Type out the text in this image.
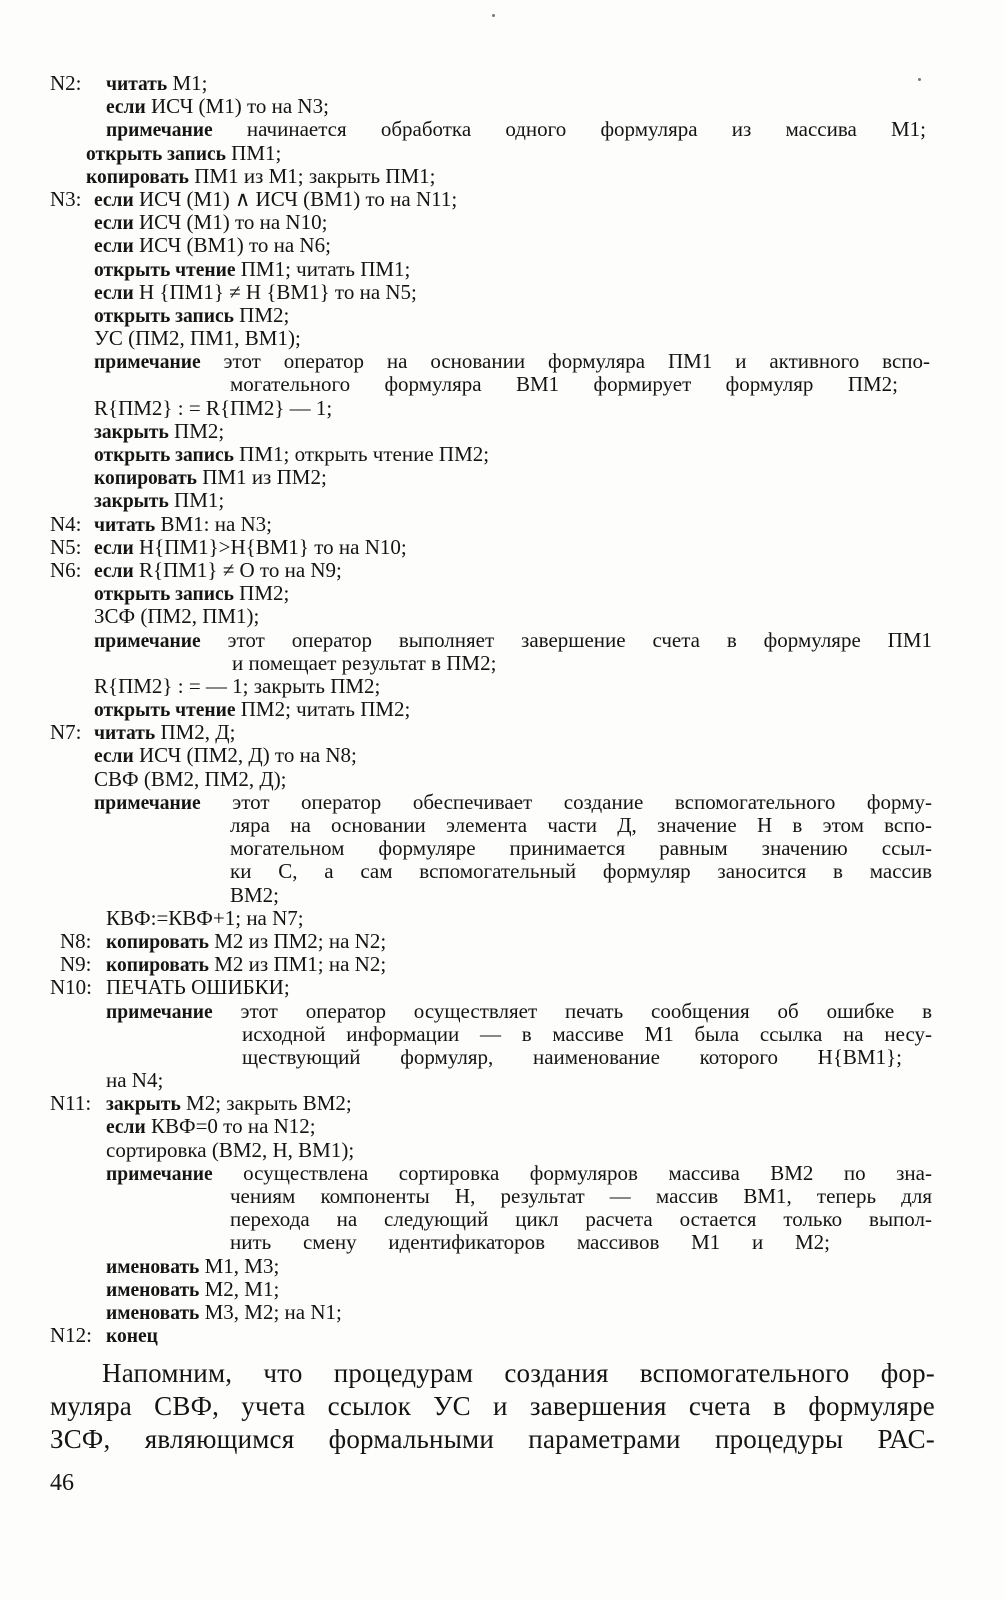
N2: читать M1;
если ИСЧ (M1) то на N3;
примечание начинается обработка одного формуляра из массива M1;
открыть запись ПМ1;
копировать ПМ1 из M1; закрыть ПМ1;
N3: если ИСЧ (M1) ∧ ИСЧ (BM1) то на N11;
если ИСЧ (M1) то на N10;
если ИСЧ (BM1) то на N6;
открыть чтение ПМ1; читать ПМ1;
если H {ПМ1} ≠ H {BM1} то на N5;
открыть запись ПМ2;
УС (ПМ2, ПМ1, BM1);
примечание этот оператор на основании формуляра ПМ1 и активного вспо-
могательного формуляра BM1 формирует формуляр ПМ2;
R{ПМ2} : = R{ПМ2} — 1;
закрыть ПМ2;
открыть запись ПМ1; открыть чтение ПМ2;
копировать ПМ1 из ПМ2;
закрыть ПМ1;
N4: читать BM1: на N3;
N5: если H{ПМ1}>H{BM1} то на N10;
N6: если R{ПМ1} ≠ O то на N9;
открыть запись ПМ2;
ЗСФ (ПМ2, ПМ1);
примечание этот оператор выполняет завершение счета в формуляре ПМ1
и помещает результат в ПМ2;
R{ПМ2} : = — 1; закрыть ПМ2;
открыть чтение ПМ2; читать ПМ2;
N7: читать ПМ2, Д;
если ИСЧ (ПМ2, Д) то на N8;
СВФ (BM2, ПМ2, Д);
примечание этот оператор обеспечивает создание вспомогательного форму-
ляра на основании элемента части Д, значение H в этом вспо-
могательном формуляре принимается равным значению ссыл-
ки С, а сам вспомогательный формуляр заносится в массив
BM2;
КВФ:=КВФ+1; на N7;
N8: копировать M2 из ПМ2; на N2;
N9: копировать M2 из ПМ1; на N2;
N10: ПЕЧАТЬ ОШИБКИ;
примечание этот оператор осуществляет печать сообщения об ошибке в
исходной информации — в массиве M1 была ссылка на несу-
ществующий формуляр, наименование которого H{BM1};
на N4;
N11: закрыть M2; закрыть BM2;
если КВФ=0 то на N12;
сортировка (BM2, H, BM1);
примечание осуществлена сортировка формуляров массива BM2 по зна-
чениям компоненты H, результат — массив BM1, теперь для
перехода на следующий цикл расчета остается только выпол-
нить смену идентификаторов массивов M1 и M2;
именовать M1, M3;
именовать M2, M1;
именовать M3, M2; на N1;
N12: конец

Напомним, что процедурам создания вспомогательного фор-
муляра СВФ, учета ссылок УС и завершения счета в формуляре
ЗСФ, являющимся формальными параметрами процедуры РАС-

46
